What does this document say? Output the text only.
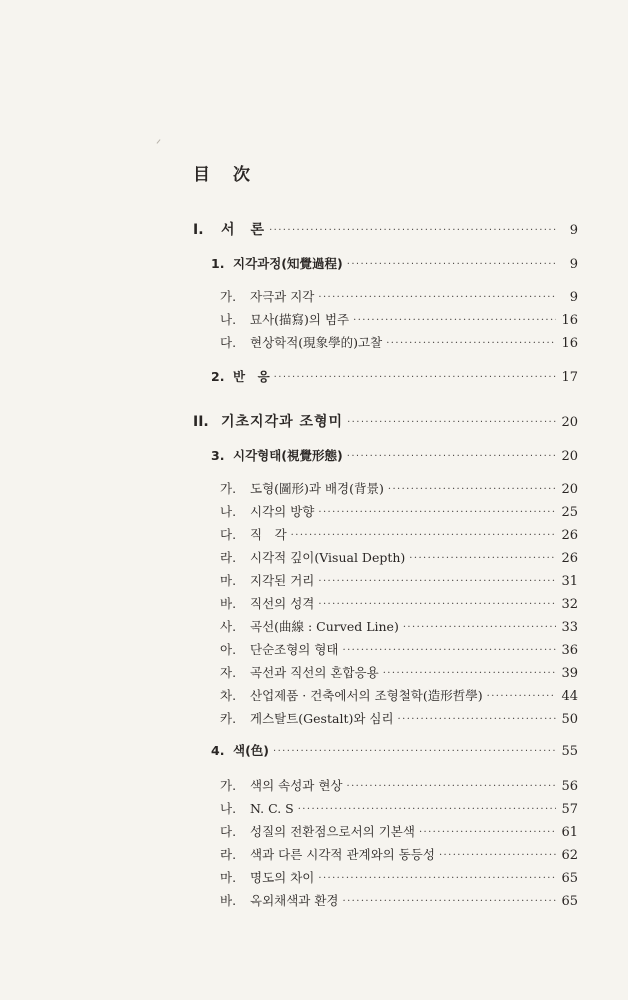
目 次
I.	서　론 ·····	9
1. 지각과정(知覺過程) ·····	9
가.	자극과 지각 ·····	9
나.	묘사(描寫)의 범주 ·····	16
다.	현상학적(現象學的)고찰 ·····	16
2. 반　응 ·····	17
II. 기초지각과 조형미 ·····	20
3. 시각형태(視覺形態) ·····	20
가.	도형(圖形)과 배경(背景) ·····	20
나.	시각의 방향 ·····	25
다.	직　각 ·····	26
라.	시각적 깊이(Visual Depth) ·····	26
마.	지각된 거리 ·····	31
바.	직선의 성격 ·····	32
사.	곡선(曲線 : Curved Line) ·····	33
아.	단순조형의 형태 ·····	36
자.	곡선과 직선의 혼합응용 ·····	39
차.	산업제품 · 건축에서의 조형철학(造形哲學) ·····	44
카.	게스탈트(Gestalt)와 심리 ·····	50
4. 색(色) ·····	55
가.	색의 속성과 현상 ·····	56
나.	N. C. S ·····	57
다.	성질의 전환점으로서의 기본색 ·····	61
라.	색과 다른 시각적 관계와의 동등성 ·····	62
마.	명도의 차이 ·····	65
바.	옥외채색과 환경 ·····	65
